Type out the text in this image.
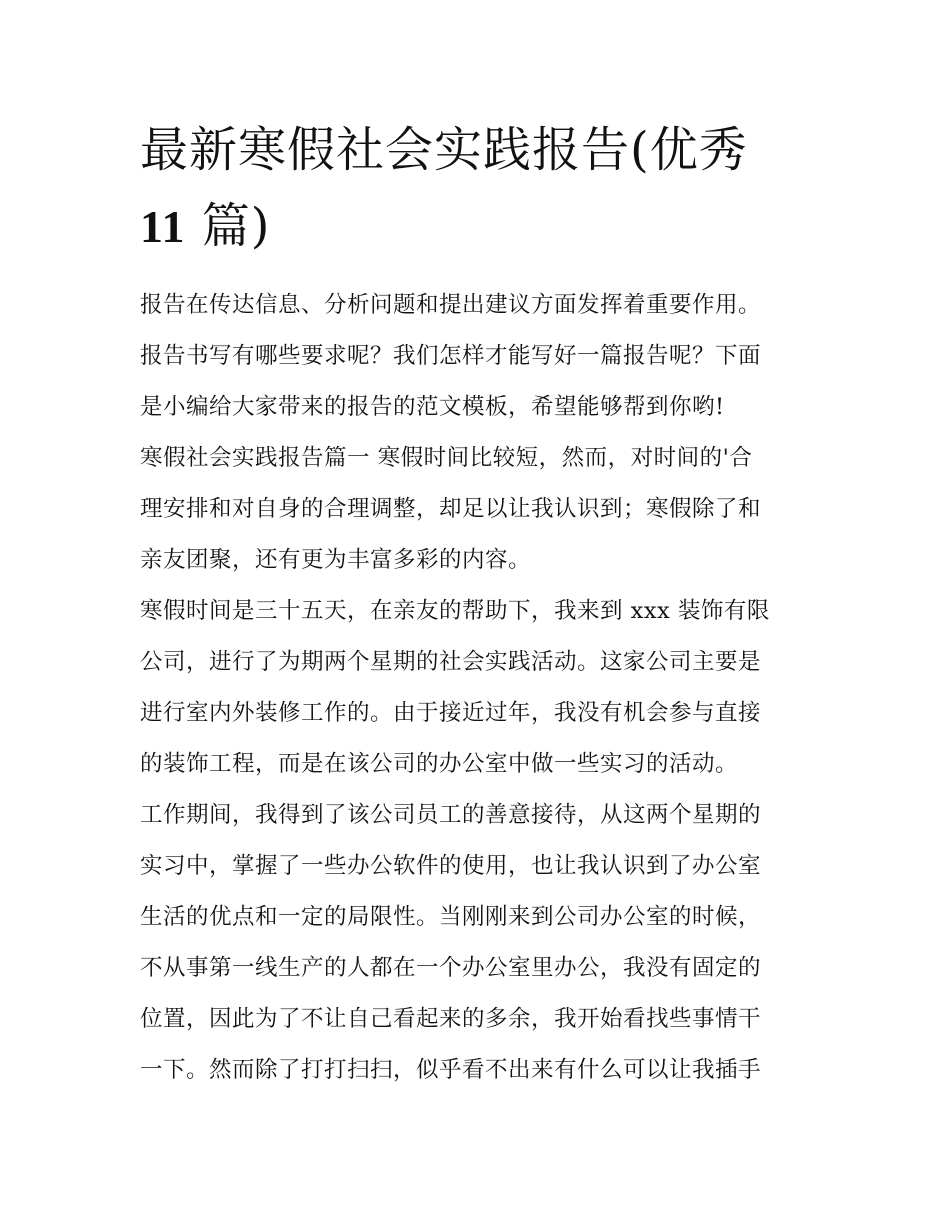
最新寒假社会实践报告(优秀
11 篇)

报告在传达信息、分析问题和提出建议方面发挥着重要作用。
报告书写有哪些要求呢？我们怎样才能写好一篇报告呢？下面
是小编给大家带来的报告的范文模板，希望能够帮到你哟!

寒假社会实践报告篇一 寒假时间比较短，然而，对时间的'合
理安排和对自身的合理调整，却足以让我认识到；寒假除了和
亲友团聚，还有更为丰富多彩的内容。

寒假时间是三十五天，在亲友的帮助下，我来到 xxx 装饰有限
公司，进行了为期两个星期的社会实践活动。这家公司主要是
进行室内外装修工作的。由于接近过年，我没有机会参与直接
的装饰工程，而是在该公司的办公室中做一些实习的活动。

工作期间，我得到了该公司员工的善意接待，从这两个星期的
实习中，掌握了一些办公软件的使用，也让我认识到了办公室
生活的优点和一定的局限性。当刚刚来到公司办公室的时候，
不从事第一线生产的人都在一个办公室里办公，我没有固定的
位置，因此为了不让自己看起来的多余，我开始看找些事情干
一下。然而除了打打扫扫，似乎看不出来有什么可以让我插手
